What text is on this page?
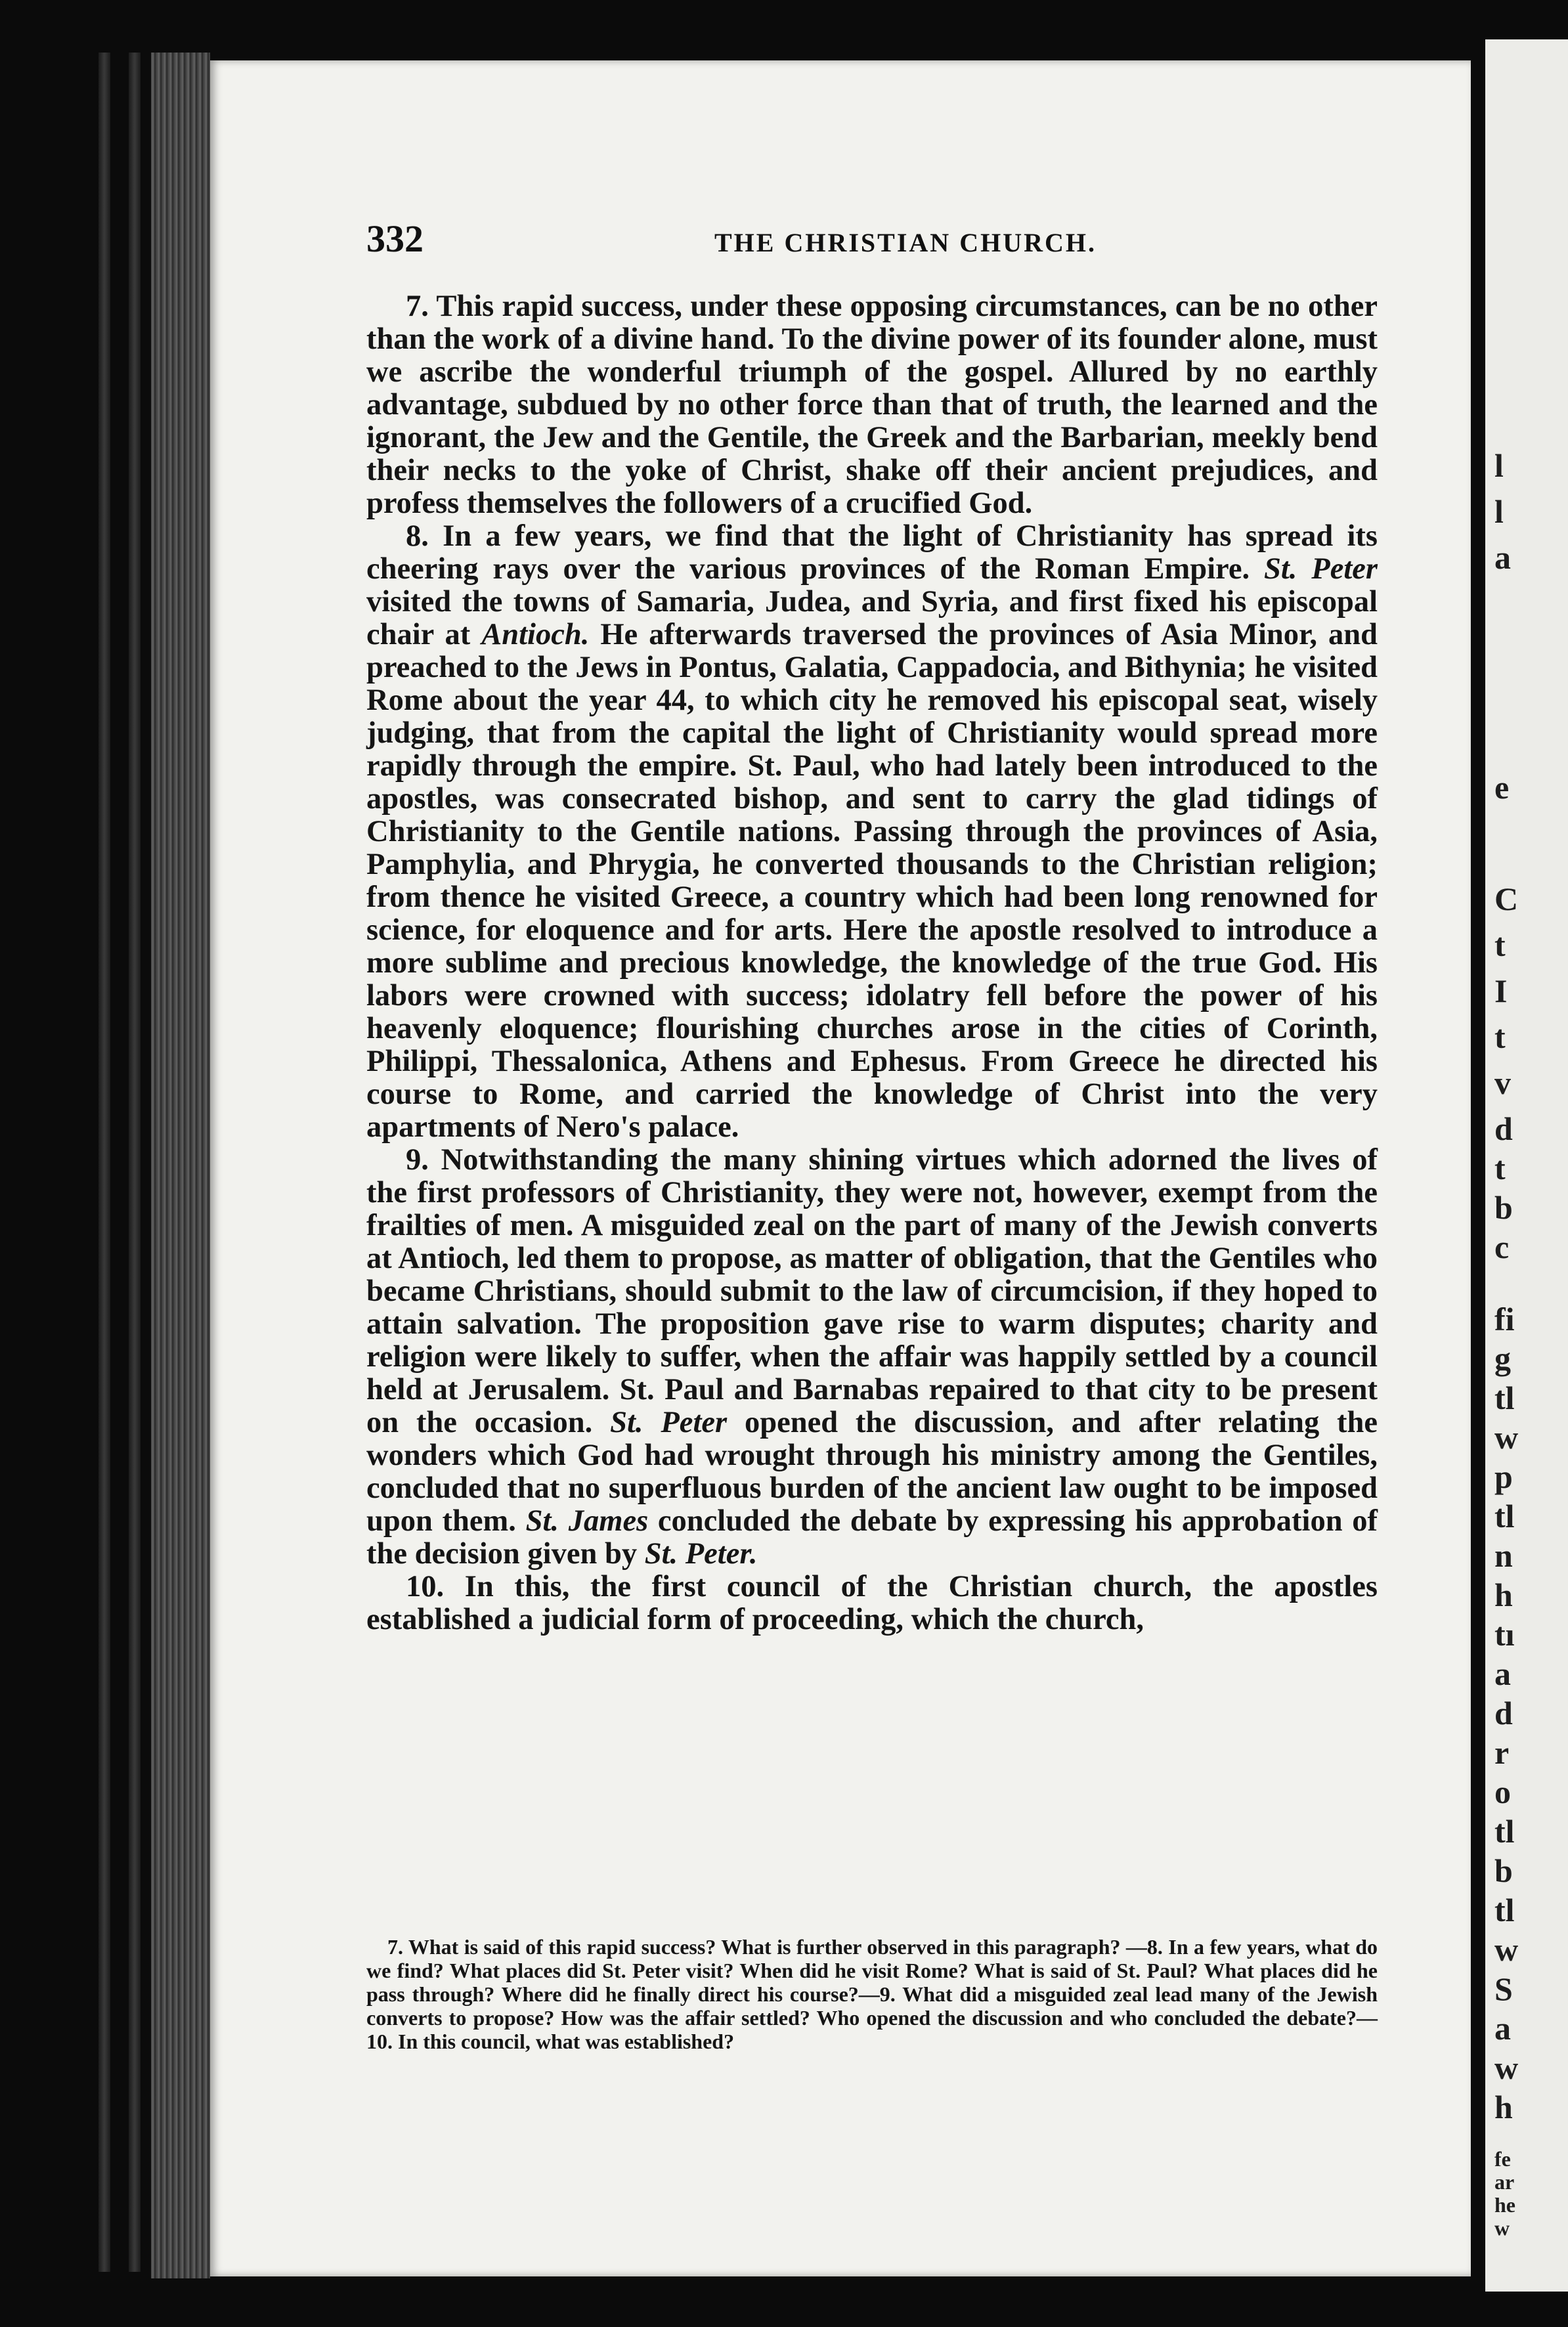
332	THE CHRISTIAN CHURCH.

7. This rapid success, under these opposing circumstances, can be no other than the work of a divine hand. To the divine power of its founder alone, must we ascribe the wonderful triumph of the gospel. Allured by no earthly advantage, subdued by no other force than that of truth, the learned and the ignorant, the Jew and the Gentile, the Greek and the Barbarian, meekly bend their necks to the yoke of Christ, shake off their ancient prejudices, and profess themselves the followers of a crucified God.

8. In a few years, we find that the light of Christianity has spread its cheering rays over the various provinces of the Roman Empire. St. Peter visited the towns of Samaria, Judea, and Syria, and first fixed his episcopal chair at Antioch. He afterwards traversed the provinces of Asia Minor, and preached to the Jews in Pontus, Galatia, Cappadocia, and Bithynia; he visited Rome about the year 44, to which city he removed his episcopal seat, wisely judging, that from the capital the light of Christianity would spread more rapidly through the empire. St. Paul, who had lately been introduced to the apostles, was consecrated bishop, and sent to carry the glad tidings of Christianity to the Gentile nations. Passing through the provinces of Asia, Pamphylia, and Phrygia, he converted thousands to the Christian religion; from thence he visited Greece, a country which had been long renowned for science, for eloquence and for arts. Here the apostle resolved to introduce a more sublime and precious knowledge, the knowledge of the true God. His labors were crowned with success; idolatry fell before the power of his heavenly eloquence; flourishing churches arose in the cities of Corinth, Philippi, Thessalonica, Athens and Ephesus. From Greece he directed his course to Rome, and carried the knowledge of Christ into the very apartments of Nero's palace.

9. Notwithstanding the many shining virtues which adorned the lives of the first professors of Christianity, they were not, however, exempt from the frailties of men. A misguided zeal on the part of many of the Jewish converts at Antioch, led them to propose, as matter of obligation, that the Gentiles who became Christians, should submit to the law of circumcision, if they hoped to attain salvation. The proposition gave rise to warm disputes; charity and religion were likely to suffer, when the affair was happily settled by a council held at Jerusalem. St. Paul and Barnabas repaired to that city to be present on the occasion. St. Peter opened the discussion, and after relating the wonders which God had wrought through his ministry among the Gentiles, concluded that no superfluous burden of the ancient law ought to be imposed upon them. St. James concluded the debate by expressing his approbation of the decision given by St. Peter.

10. In this, the first council of the Christian church, the apostles established a judicial form of proceeding, which the church,

7. What is said of this rapid success? What is further observed in this paragraph? —8. In a few years, what do we find? What places did St. Peter visit? When did he visit Rome? What is said of St. Paul? What places did he pass through? Where did he finally direct his course?—9. What did a misguided zeal lead many of the Jewish converts to propose? How was the affair settled? Who opened the discussion and who concluded the debate?—10. In this council, what was established?

l
l
a
e
C
t
I
t
v
d
t
b
c
fi
g
tl
w
p
tl
n
h
tı
a
d
r
o
tl
b
tl
w
S
a
w
h
fe
ar
he
w
